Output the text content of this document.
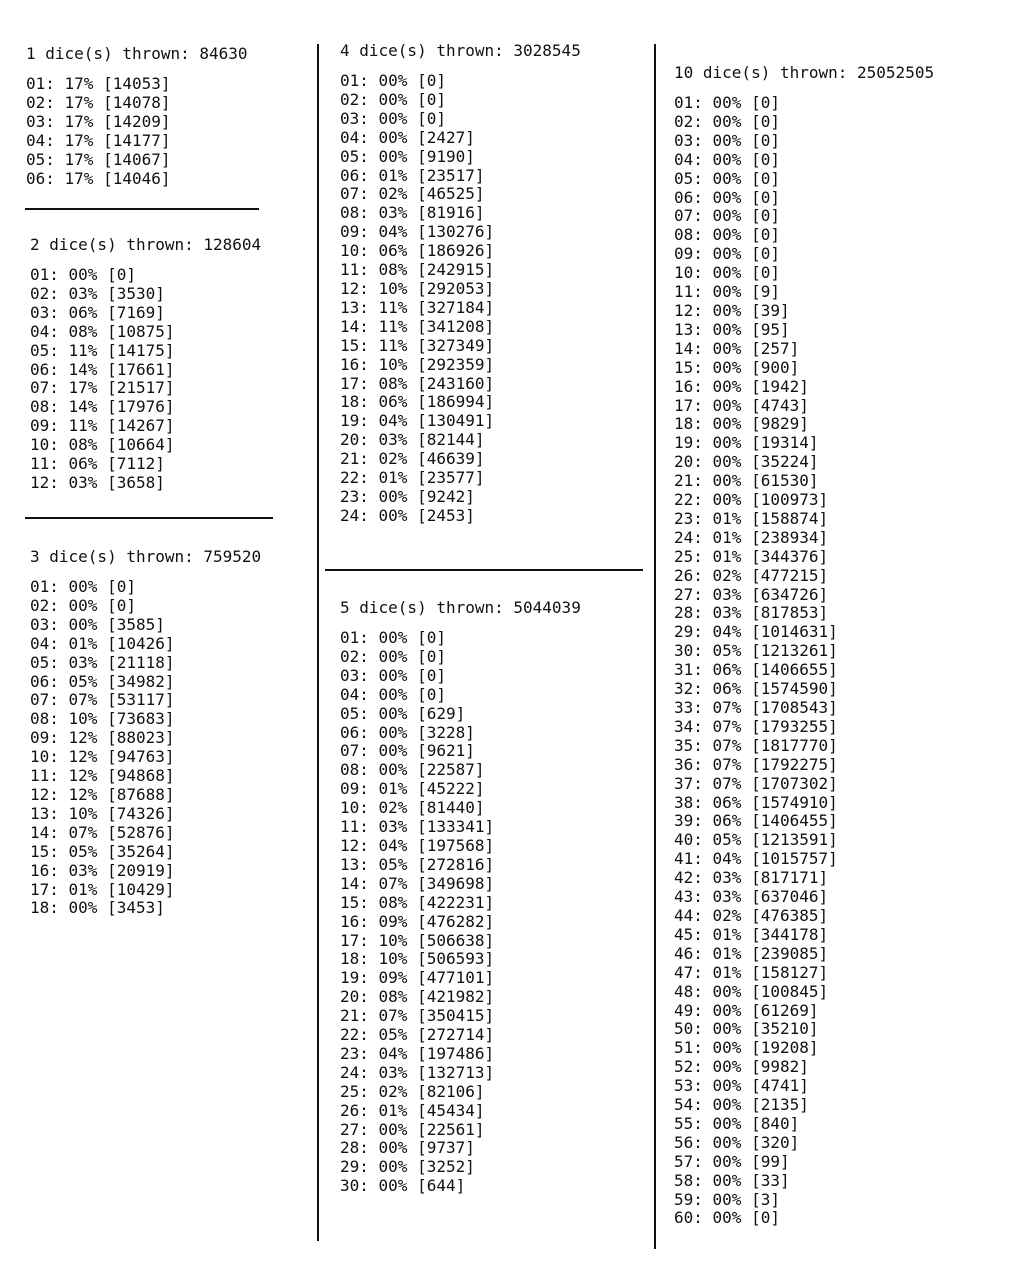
1 dice(s) thrown: 84630
01: 17% [14053]
02: 17% [14078]
03: 17% [14209]
04: 17% [14177]
05: 17% [14067]
06: 17% [14046]
2 dice(s) thrown: 128604
01: 00% [0]
02: 03% [3530]
03: 06% [7169]
04: 08% [10875]
05: 11% [14175]
06: 14% [17661]
07: 17% [21517]
08: 14% [17976]
09: 11% [14267]
10: 08% [10664]
11: 06% [7112]
12: 03% [3658]
3 dice(s) thrown: 759520
01: 00% [0]
02: 00% [0]
03: 00% [3585]
04: 01% [10426]
05: 03% [21118]
06: 05% [34982]
07: 07% [53117]
08: 10% [73683]
09: 12% [88023]
10: 12% [94763]
11: 12% [94868]
12: 12% [87688]
13: 10% [74326]
14: 07% [52876]
15: 05% [35264]
16: 03% [20919]
17: 01% [10429]
18: 00% [3453]
4 dice(s) thrown: 3028545
01: 00% [0]
02: 00% [0]
03: 00% [0]
04: 00% [2427]
05: 00% [9190]
06: 01% [23517]
07: 02% [46525]
08: 03% [81916]
09: 04% [130276]
10: 06% [186926]
11: 08% [242915]
12: 10% [292053]
13: 11% [327184]
14: 11% [341208]
15: 11% [327349]
16: 10% [292359]
17: 08% [243160]
18: 06% [186994]
19: 04% [130491]
20: 03% [82144]
21: 02% [46639]
22: 01% [23577]
23: 00% [9242]
24: 00% [2453]
5 dice(s) thrown: 5044039
01: 00% [0]
02: 00% [0]
03: 00% [0]
04: 00% [0]
05: 00% [629]
06: 00% [3228]
07: 00% [9621]
08: 00% [22587]
09: 01% [45222]
10: 02% [81440]
11: 03% [133341]
12: 04% [197568]
13: 05% [272816]
14: 07% [349698]
15: 08% [422231]
16: 09% [476282]
17: 10% [506638]
18: 10% [506593]
19: 09% [477101]
20: 08% [421982]
21: 07% [350415]
22: 05% [272714]
23: 04% [197486]
24: 03% [132713]
25: 02% [82106]
26: 01% [45434]
27: 00% [22561]
28: 00% [9737]
29: 00% [3252]
30: 00% [644]
10 dice(s) thrown: 25052505
01: 00% [0]
02: 00% [0]
03: 00% [0]
04: 00% [0]
05: 00% [0]
06: 00% [0]
07: 00% [0]
08: 00% [0]
09: 00% [0]
10: 00% [0]
11: 00% [9]
12: 00% [39]
13: 00% [95]
14: 00% [257]
15: 00% [900]
16: 00% [1942]
17: 00% [4743]
18: 00% [9829]
19: 00% [19314]
20: 00% [35224]
21: 00% [61530]
22: 00% [100973]
23: 01% [158874]
24: 01% [238934]
25: 01% [344376]
26: 02% [477215]
27: 03% [634726]
28: 03% [817853]
29: 04% [1014631]
30: 05% [1213261]
31: 06% [1406655]
32: 06% [1574590]
33: 07% [1708543]
34: 07% [1793255]
35: 07% [1817770]
36: 07% [1792275]
37: 07% [1707302]
38: 06% [1574910]
39: 06% [1406455]
40: 05% [1213591]
41: 04% [1015757]
42: 03% [817171]
43: 03% [637046]
44: 02% [476385]
45: 01% [344178]
46: 01% [239085]
47: 01% [158127]
48: 00% [100845]
49: 00% [61269]
50: 00% [35210]
51: 00% [19208]
52: 00% [9982]
53: 00% [4741]
54: 00% [2135]
55: 00% [840]
56: 00% [320]
57: 00% [99]
58: 00% [33]
59: 00% [3]
60: 00% [0]
